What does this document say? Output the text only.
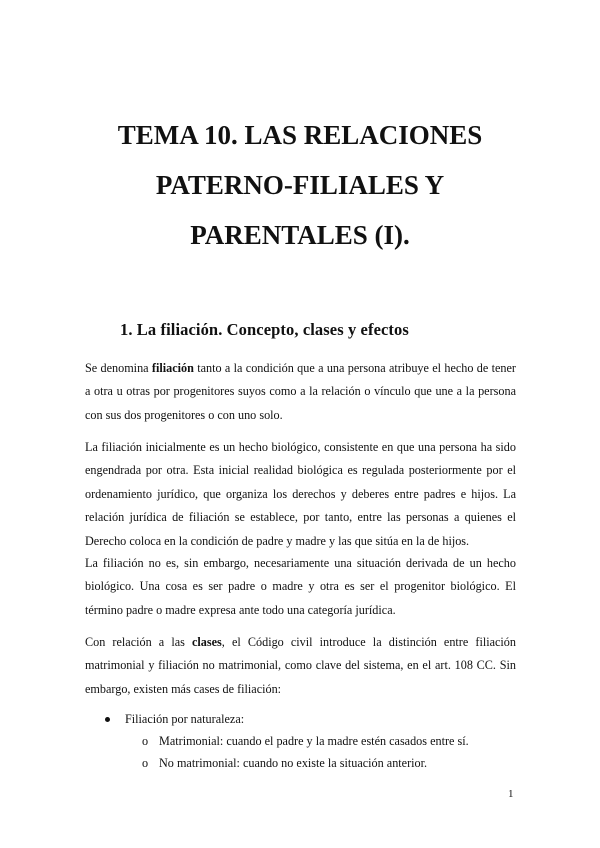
TEMA 10. LAS RELACIONES
PATERNO-FILIALES Y
PARENTALES (I).
1. La filiación. Concepto, clases y efectos

Se denomina filiación tanto a la condición que a una persona atribuye el hecho de tener
a otra u otras por progenitores suyos como a la relación o vínculo que une a la persona
con sus dos progenitores o con uno solo.

La filiación inicialmente es un hecho biológico, consistente en que una persona ha sido
engendrada por otra. Esta inicial realidad biológica es regulada posteriormente por el
ordenamiento jurídico, que organiza los derechos y deberes entre padres e hijos. La
relación jurídica de filiación se establece, por tanto, entre las personas a quienes el
Derecho coloca en la condición de padre y madre y las que sitúa en la de hijos.

La filiación no es, sin embargo, necesariamente una situación derivada de un hecho
biológico. Una cosa es ser padre o madre y otra es ser el progenitor biológico. El
término padre o madre expresa ante todo una categoría jurídica.

Con relación a las clases, el Código civil introduce la distinción entre filiación
matrimonial y filiación no matrimonial, como clave del sistema, en el art. 108 CC. Sin
embargo, existen más cases de filiación:

Filiación por naturaleza:
o Matrimonial: cuando el padre y la madre estén casados entre sí.
o No matrimonial: cuando no existe la situación anterior.
1
